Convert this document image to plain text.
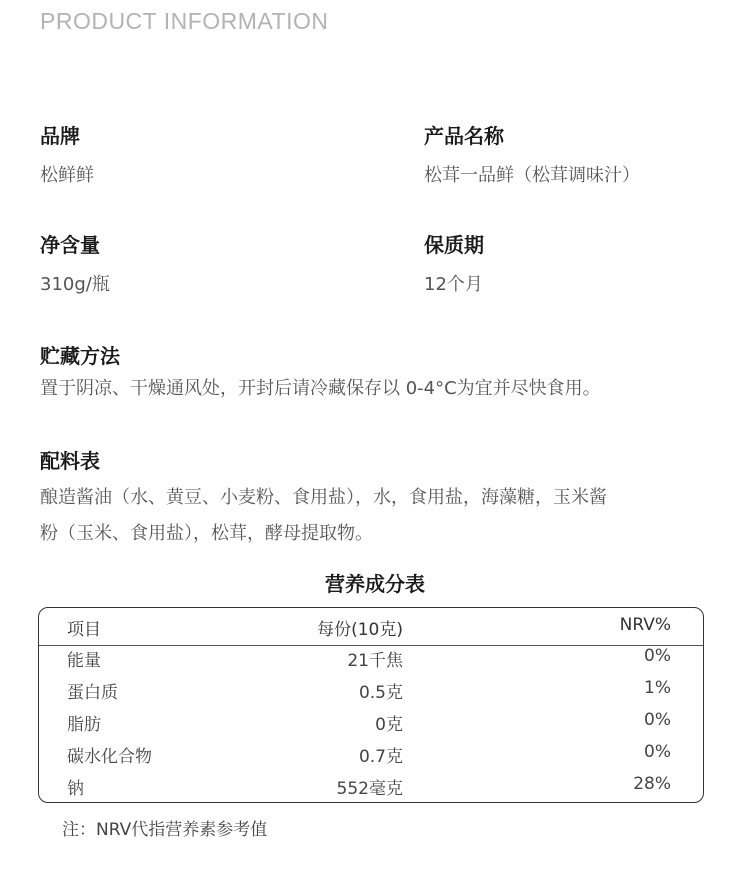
PRODUCT INFORMATION
品牌
松鲜鲜
产品名称
松茸一品鲜（松茸调味汁）
净含量
310g/瓶
保质期
12个月
贮藏方法
置于阴凉、干燥通风处，开封后请冷藏保存以 0-4°C为宜并尽快食用。
配料表
酿造酱油（水、黄豆、小麦粉、食用盐），水，食用盐，海藻糖，玉米酱
粉（玉米、食用盐），松茸，酵母提取物。
营养成分表
项目	每份(10克)	NRV%
能量	21千焦	0%
蛋白质	0.5克	1%
脂肪	0克	0%
碳水化合物	0.7克	0%
钠	552毫克	28%
注：NRV代指营养素参考值
